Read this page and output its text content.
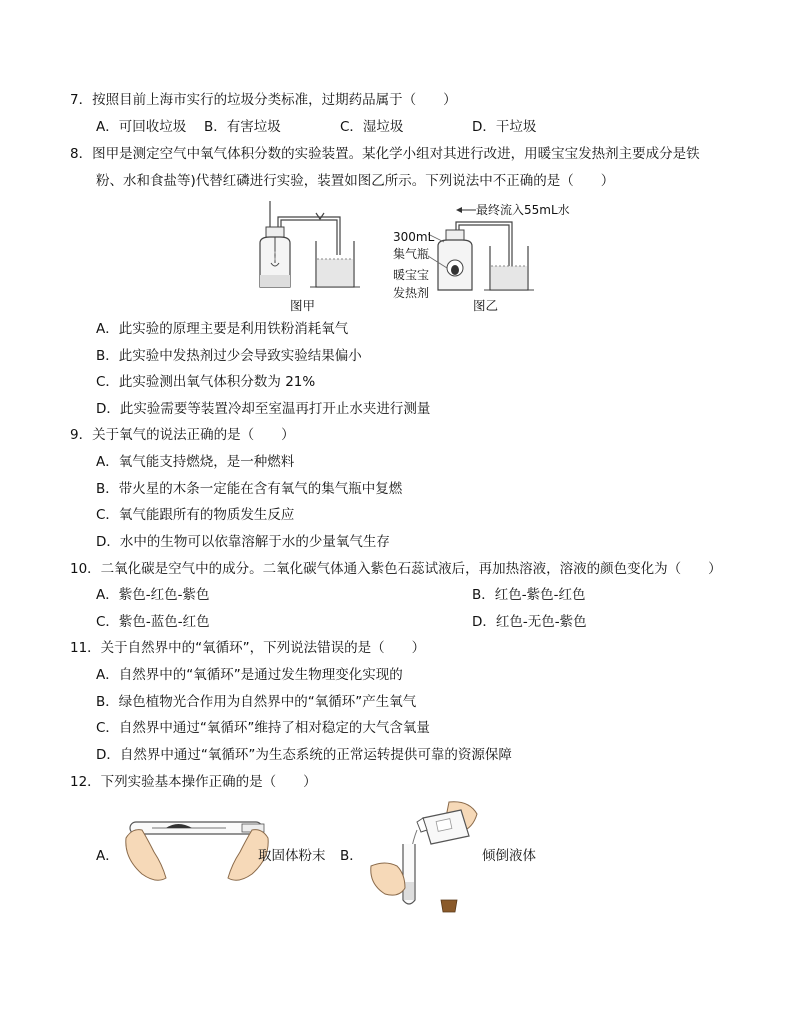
7．按照目前上海市实行的垃圾分类标准，过期药品属于（　　）
A．可回收垃圾 B．有害垃圾	C．湿垃圾	D．干垃圾
8．图甲是测定空气中氧气体积分数的实验装置。某化学小组对其进行改进，用暖宝宝发热剂主要成分是铁
粉、水和食盐等)代替红磷进行实验，装置如图乙所示。下列说法中不正确的是（　　）
图甲
最终流入55mL水
300mL
集气瓶
暖宝宝
发热剂
图乙
A．此实验的原理主要是利用铁粉消耗氧气
B．此实验中发热剂过少会导致实验结果偏小
C．此实验测出氧气体积分数为 21%
D．此实验需要等装置冷却至室温再打开止水夹进行测量
9．关于氧气的说法正确的是（　　）
A．氧气能支持燃烧，是一种燃料
B．带火星的木条一定能在含有氧气的集气瓶中复燃
C．氧气能跟所有的物质发生反应
D．水中的生物可以依靠溶解于水的少量氧气生存
10．二氧化碳是空气中的成分。二氧化碳气体通入紫色石蕊试液后，再加热溶液，溶液的颜色变化为（　　）
A．紫色-红色-紫色	B．红色-紫色-红色
C．紫色-蓝色-红色	D．红色-无色-紫色
11．关于自然界中的“氧循环”，下列说法错误的是（　　）
A．自然界中的“氧循环”是通过发生物理变化实现的
B．绿色植物光合作用为自然界中的“氧循环”产生氧气
C．自然界中通过“氧循环”维持了相对稳定的大气含氧量
D．自然界中通过“氧循环”为生态系统的正常运转提供可靠的资源保障
12．下列实验基本操作正确的是（　　）
A．	取固体粉末 B．	倾倒液体
